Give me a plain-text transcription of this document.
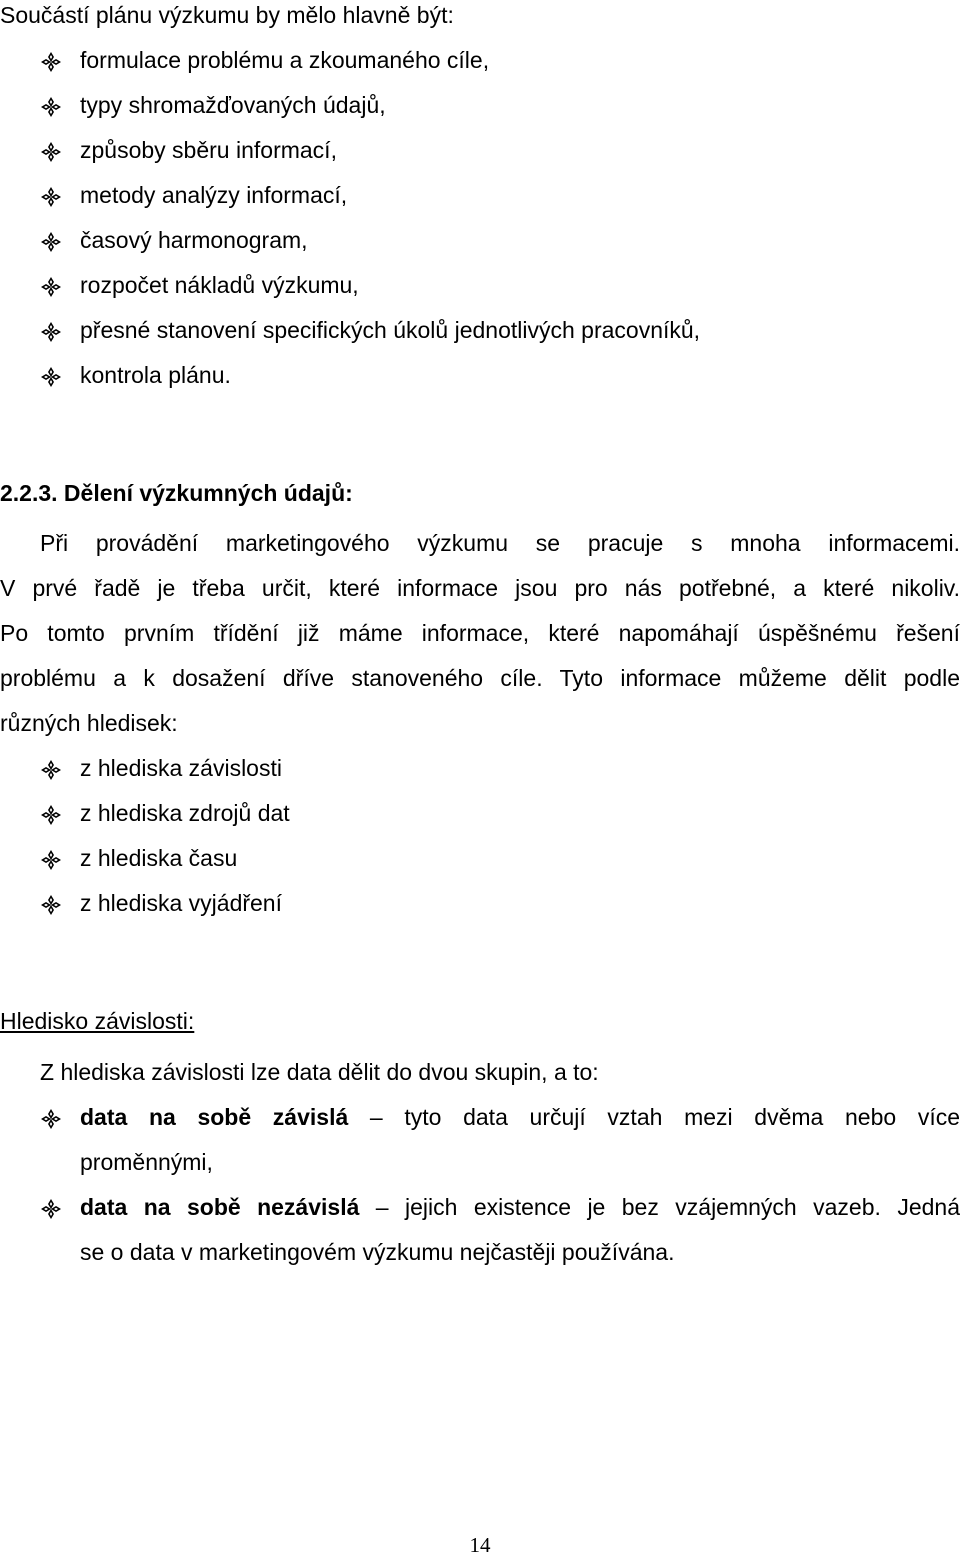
Součástí plánu výzkumu by mělo hlavně být:
formulace problému a zkoumaného cíle,
typy shromažďovaných údajů,
způsoby sběru informací,
metody analýzy informací,
časový harmonogram,
rozpočet nákladů výzkumu,
přesné stanovení specifických úkolů jednotlivých pracovníků,
kontrola plánu.
2.2.3. Dělení výzkumných údajů:
Při provádění marketingového výzkumu se pracuje s mnoha informacemi.
V prvé řadě je třeba určit, které informace jsou pro nás potřebné, a které nikoliv.
Po tomto prvním třídění již máme informace, které napomáhají úspěšnému řešení
problému a k dosažení dříve stanoveného cíle. Tyto informace můžeme dělit podle
různých hledisek:
z hlediska závislosti
z hlediska zdrojů dat
z hlediska času
z hlediska vyjádření
Hledisko závislosti:
Z hlediska závislosti lze data dělit do dvou skupin, a to:
data na sobě závislá – tyto data určují vztah mezi dvěma nebo více
proměnnými,
data na sobě nezávislá – jejich existence je bez vzájemných vazeb. Jedná
se o data v marketingovém výzkumu nejčastěji používána.
14
